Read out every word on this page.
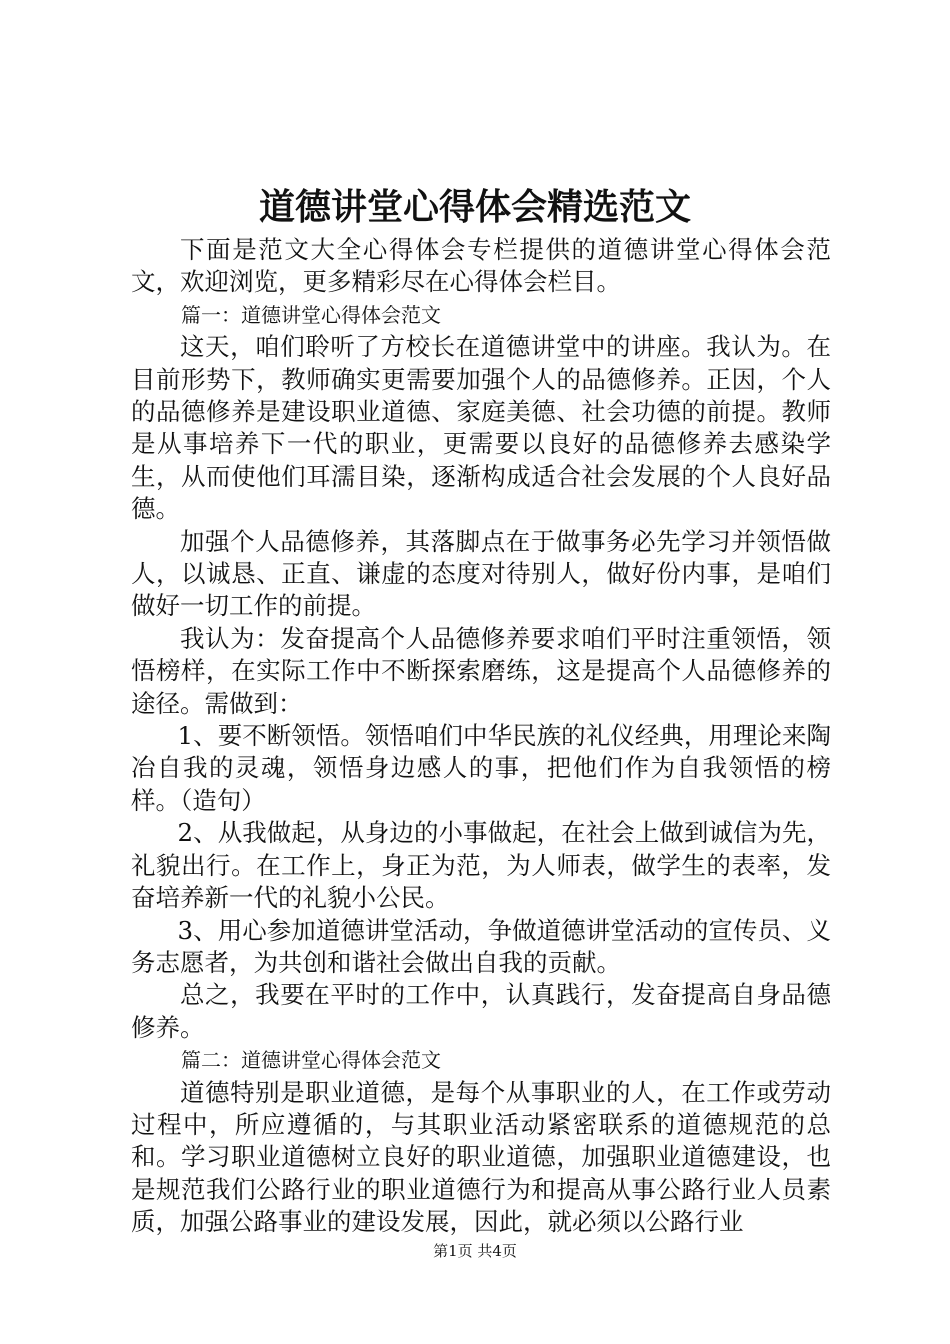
道德讲堂心得体会精选范文

下面是范文大全心得体会专栏提供的道德讲堂心得体会范文，欢迎浏览，更多精彩尽在心得体会栏目。

篇一：道德讲堂心得体会范文

这天，咱们聆听了方校长在道德讲堂中的讲座。我认为。在目前形势下，教师确实更需要加强个人的品德修养。正因，个人的品德修养是建设职业道德、家庭美德、社会功德的前提。教师是从事培养下一代的职业，更需要以良好的品德修养去感染学生，从而使他们耳濡目染，逐渐构成适合社会发展的个人良好品德。

加强个人品德修养，其落脚点在于做事务必先学习并领悟做人，以诚恳、正直、谦虚的态度对待别人，做好份内事，是咱们做好一切工作的前提。

我认为：发奋提高个人品德修养要求咱们平时注重领悟，领悟榜样，在实际工作中不断探索磨练，这是提高个人品德修养的途径。需做到：

1、要不断领悟。领悟咱们中华民族的礼仪经典，用理论来陶冶自我的灵魂，领悟身边感人的事，把他们作为自我领悟的榜样。（造句）

2、从我做起，从身边的小事做起，在社会上做到诚信为先，礼貌出行。在工作上，身正为范，为人师表，做学生的表率，发奋培养新一代的礼貌小公民。

3、用心参加道德讲堂活动，争做道德讲堂活动的宣传员、义务志愿者，为共创和谐社会做出自我的贡献。

总之，我要在平时的工作中，认真践行，发奋提高自身品德修养。

篇二：道德讲堂心得体会范文

道德特别是职业道德，是每个从事职业的人，在工作或劳动过程中，所应遵循的，与其职业活动紧密联系的道德规范的总和。学习职业道德树立良好的职业道德，加强职业道德建设，也是规范我们公路行业的职业道德行为和提高从事公路行业人员素质，加强公路事业的建设发展，因此，就必须以公路行业

第1页 共4页
